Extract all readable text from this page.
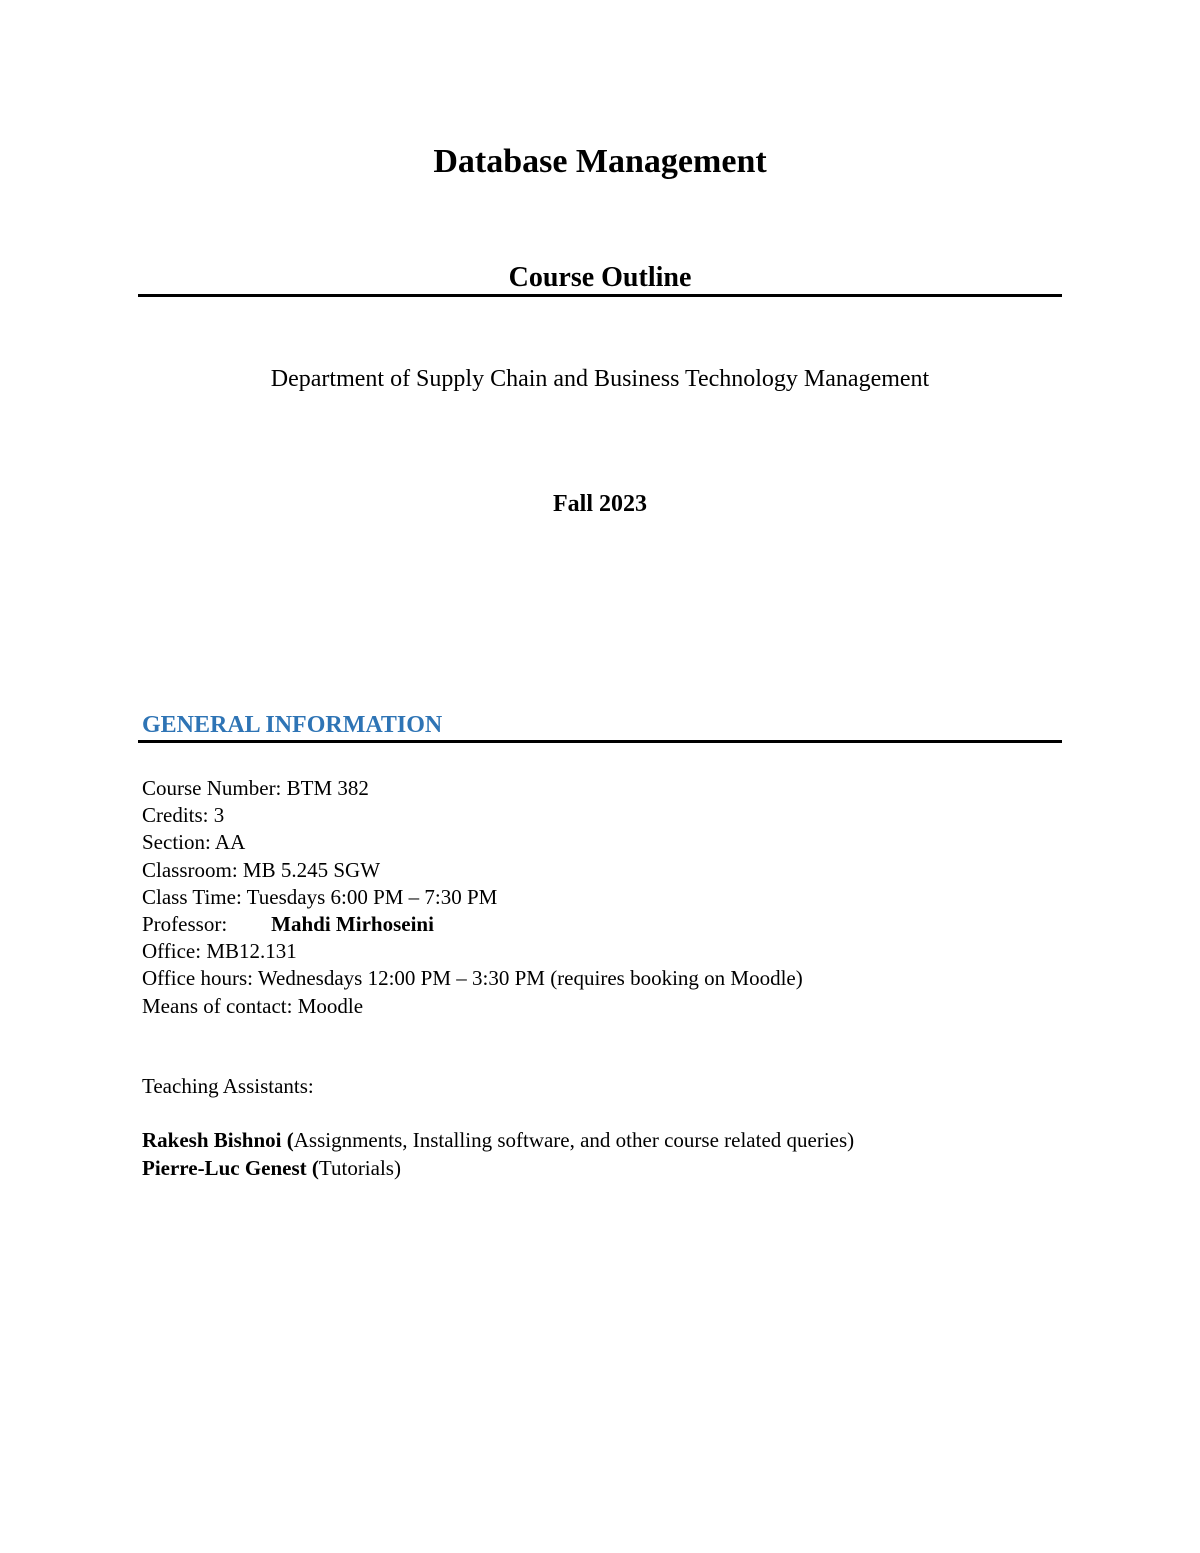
Database Management
Course Outline
Department of Supply Chain and Business Technology Management
Fall 2023
GENERAL INFORMATION
Course Number: BTM 382
Credits: 3
Section: AA
Classroom: MB 5.245 SGW
Class Time: Tuesdays 6:00 PM – 7:30 PM
Professor: Mahdi Mirhoseini
Office: MB12.131
Office hours: Wednesdays 12:00 PM – 3:30 PM (requires booking on Moodle)
Means of contact: Moodle
Teaching Assistants:
Rakesh Bishnoi (Assignments, Installing software, and other course related queries)
Pierre-Luc Genest (Tutorials)
